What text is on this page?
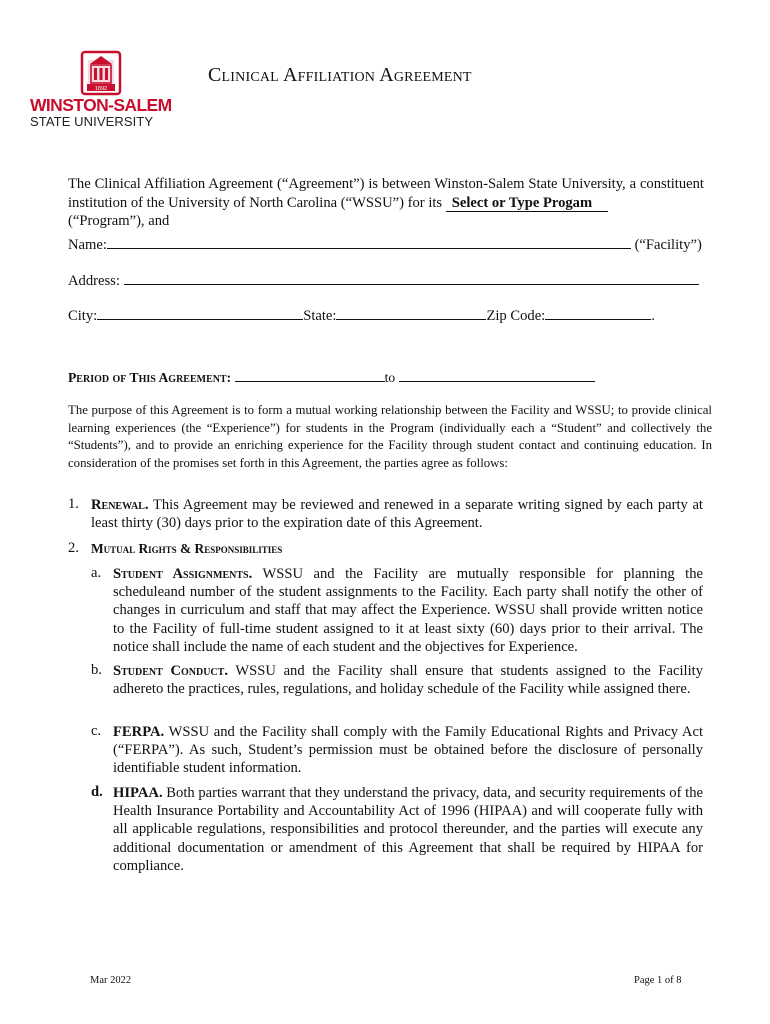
1892
WINSTON-SALEM
STATE UNIVERSITY
Clinical Affiliation Agreement
The Clinical Affiliation Agreement (“Agreement”) is between Winston-Salem State University, a constituent institution of the University of North Carolina (“WSSU”) for its Select or Type Progam
(“Program”), and
Name:	(“Facility”)
Address:
City:	State:	Zip Code:	.
Period of This Agreement:	to
The purpose of this Agreement is to form a mutual working relationship between the Facility and WSSU; to provide clinical learning experiences (the “Experience”) for students in the Program (individually each a “Student” and collectively the “Students”), and to provide an enriching experience for the Facility through student contact and continuing education. In consideration of the promises set forth in this Agreement, the parties agree as follows:
1. Renewal. This Agreement may be reviewed and renewed in a separate writing signed by each party at least thirty (30) days prior to the expiration date of this Agreement.
2. Mutual Rights & Responsibilities
a. Student Assignments. WSSU and the Facility are mutually responsible for planning the scheduleand number of the student assignments to the Facility. Each party shall notify the other of changes in curriculum and staff that may affect the Experience. WSSU shall provide written notice to the Facility of full-time student assigned to it at least sixty (60) days prior to their arrival. The notice shall include the name of each student and the objectives for Experience.
b. Student Conduct. WSSU and the Facility shall ensure that students assigned to the Facility adhereto the practices, rules, regulations, and holiday schedule of the Facility while assigned there.
c. FERPA. WSSU and the Facility shall comply with the Family Educational Rights and Privacy Act (“FERPA”). As such, Student’s permission must be obtained before the disclosure of personally identifiable student information.
d. HIPAA. Both parties warrant that they understand the privacy, data, and security requirements of the Health Insurance Portability and Accountability Act of 1996 (HIPAA) and will cooperate fully with all applicable regulations, responsibilities and protocol thereunder, and the parties will execute any additional documentation or amendment of this Agreement that shall be required by HIPAA for compliance.
Mar 2022	Page 1 of 8
